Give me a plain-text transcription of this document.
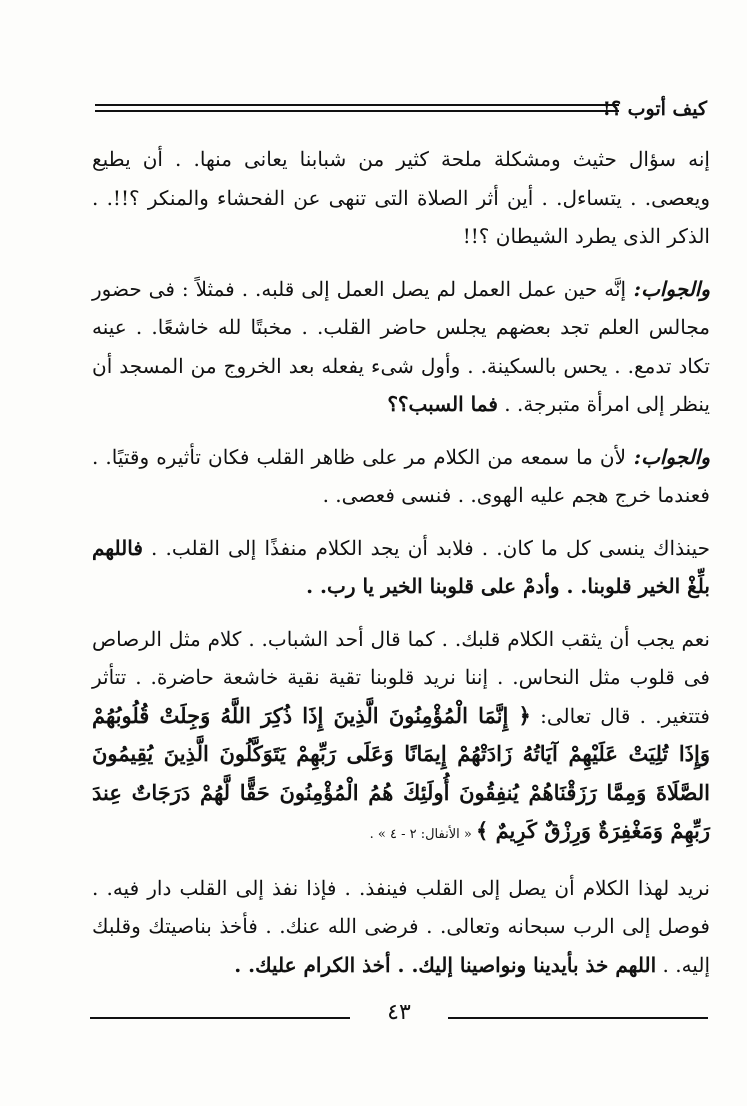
كيف أتوب ؟!

إنه سؤال حثيث ومشكلة ملحة كثير من شبابنا يعانى منها. . أن يطيع ويعصى. . يتساءل. . أين أثر الصلاة التى تنهى عن الفحشاء والمنكر ؟!!. . الذكر الذى يطرد الشيطان ؟!!

والجواب: إنَّه حين عمل العمل لم يصل العمل إلى قلبه. . فمثلاً : فى حضور مجالس العلم تجد بعضهم يجلس حاضر القلب. . مخبتًا لله خاشعًا. . عينه تكاد تدمع. . يحس بالسكينة. . وأول شىء يفعله بعد الخروج من المسجد أن ينظر إلى امرأة متبرجة. . فما السبب؟؟

والجواب: لأن ما سمعه من الكلام مر على ظاهر القلب فكان تأثيره وقتيًا. . فعندما خرج هجم عليه الهوى. . فنسى فعصى. .

حينذاك ينسى كل ما كان. . فلابد أن يجد الكلام منفذًا إلى القلب. . فاللهم بلِّغْ الخير قلوبنا. . وأدمْ على قلوبنا الخير يا رب. .

نعم يجب أن يثقب الكلام قلبك. . كما قال أحد الشباب. . كلام مثل الرصاص فى قلوب مثل النحاس. . إننا نريد قلوبنا تقية نقية خاشعة حاضرة. . تتأثر فتتغير. . قال تعالى: ﴿ إِنَّمَا الْمُؤْمِنُونَ الَّذِينَ إِذَا ذُكِرَ اللَّهُ وَجِلَتْ قُلُوبُهُمْ وَإِذَا تُلِيَتْ عَلَيْهِمْ آيَاتُهُ زَادَتْهُمْ إِيمَانًا وَعَلَى رَبِّهِمْ يَتَوَكَّلُونَ الَّذِينَ يُقِيمُونَ الصَّلَاةَ وَمِمَّا رَزَقْنَاهُمْ يُنفِقُونَ أُولَئِكَ هُمُ الْمُؤْمِنُونَ حَقًّا لَّهُمْ دَرَجَاتٌ عِندَ رَبِّهِمْ وَمَغْفِرَةٌ وَرِزْقٌ كَرِيمٌ ﴾ « الأنفال: ٢ - ٤ » .

نريد لهذا الكلام أن يصل إلى القلب فينفذ. . فإذا نفذ إلى القلب دار فيه. . فوصل إلى الرب سبحانه وتعالى. . فرضى الله عنك. . فأخذ بناصيتك وقلبك إليه. . اللهم خذ بأيدينا ونواصينا إليك. . أخذ الكرام عليك. .

٤٣
